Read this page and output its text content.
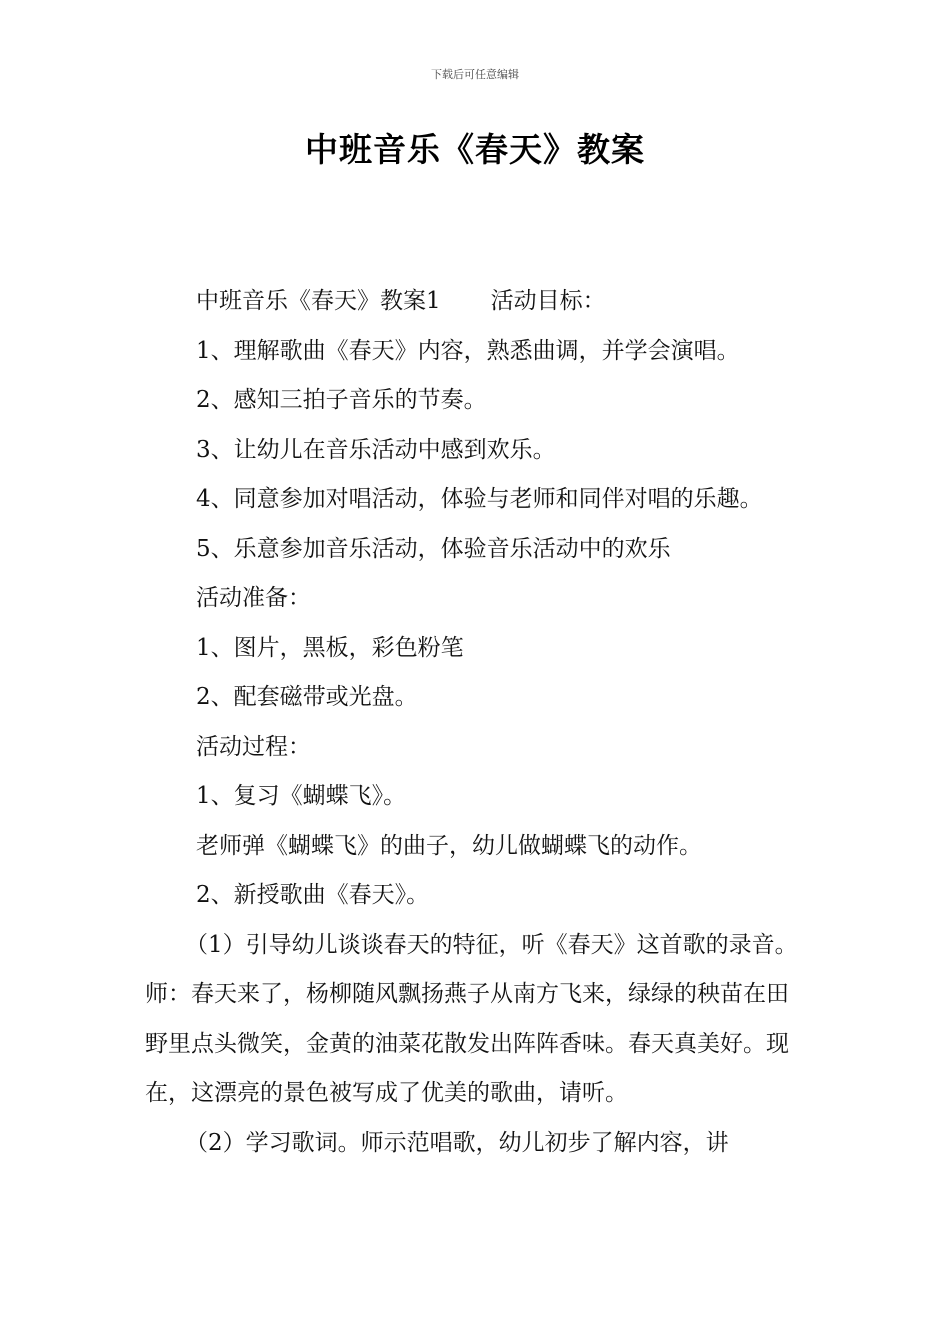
下载后可任意编辑
中班音乐《春天》教案
中班音乐《春天》教案1 活动目标：
1、理解歌曲《春天》内容，熟悉曲调，并学会演唱。
2、感知三拍子音乐的节奏。
3、让幼儿在音乐活动中感到欢乐。
4、同意参加对唱活动，体验与老师和同伴对唱的乐趣。
5、乐意参加音乐活动，体验音乐活动中的欢乐
活动准备：
1、图片，黑板，彩色粉笔
2、配套磁带或光盘。
活动过程：
1、复习《蝴蝶飞》。
老师弹《蝴蝶飞》的曲子，幼儿做蝴蝶飞的动作。
2、新授歌曲《春天》。
（1）引导幼儿谈谈春天的特征，听《春天》这首歌的录音。师：春天来了，杨柳随风飘扬燕子从南方飞来，绿绿的秧苗在田野里点头微笑，金黄的油菜花散发出阵阵香味。春天真美好。现在，这漂亮的景色被写成了优美的歌曲，请听。
（2）学习歌词。师示范唱歌，幼儿初步了解内容，讲
